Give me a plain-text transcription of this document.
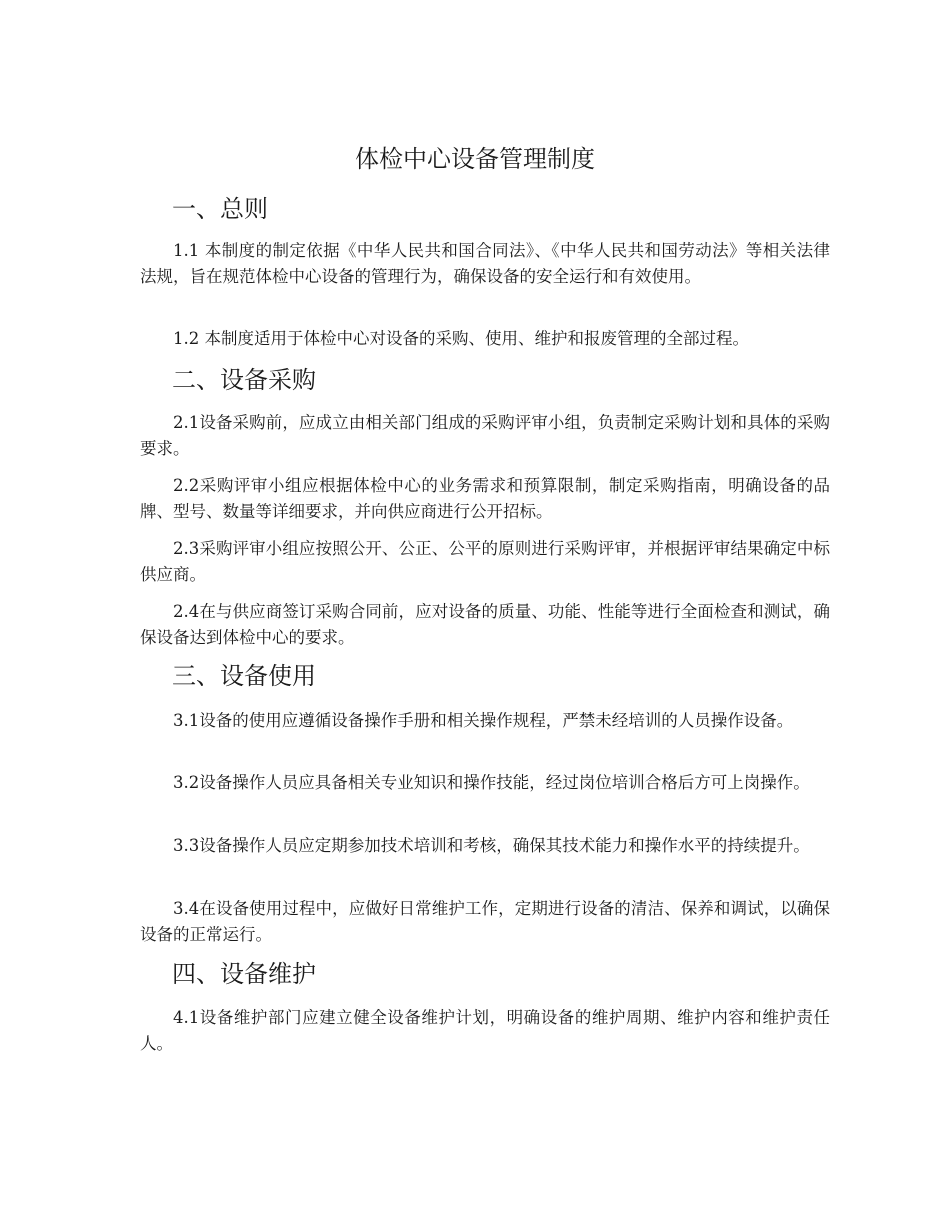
体检中心设备管理制度
一、总则

1.1 本制度的制定依据《中华人民共和国合同法》、《中华人民共和国劳动法》等相关法律法规，旨在规范体检中心设备的管理行为，确保设备的安全运行和有效使用。

1.2 本制度适用于体检中心对设备的采购、使用、维护和报废管理的全部过程。

二、设备采购

2.1设备采购前，应成立由相关部门组成的采购评审小组，负责制定采购计划和具体的采购要求。

2.2采购评审小组应根据体检中心的业务需求和预算限制，制定采购指南，明确设备的品牌、型号、数量等详细要求，并向供应商进行公开招标。

2.3采购评审小组应按照公开、公正、公平的原则进行采购评审，并根据评审结果确定中标供应商。

2.4在与供应商签订采购合同前，应对设备的质量、功能、性能等进行全面检查和测试，确保设备达到体检中心的要求。

三、设备使用

3.1设备的使用应遵循设备操作手册和相关操作规程，严禁未经培训的人员操作设备。

3.2设备操作人员应具备相关专业知识和操作技能，经过岗位培训合格后方可上岗操作。

3.3设备操作人员应定期参加技术培训和考核，确保其技术能力和操作水平的持续提升。

3.4在设备使用过程中，应做好日常维护工作，定期进行设备的清洁、保养和调试，以确保设备的正常运行。

四、设备维护

4.1设备维护部门应建立健全设备维护计划，明确设备的维护周期、维护内容和维护责任人。
